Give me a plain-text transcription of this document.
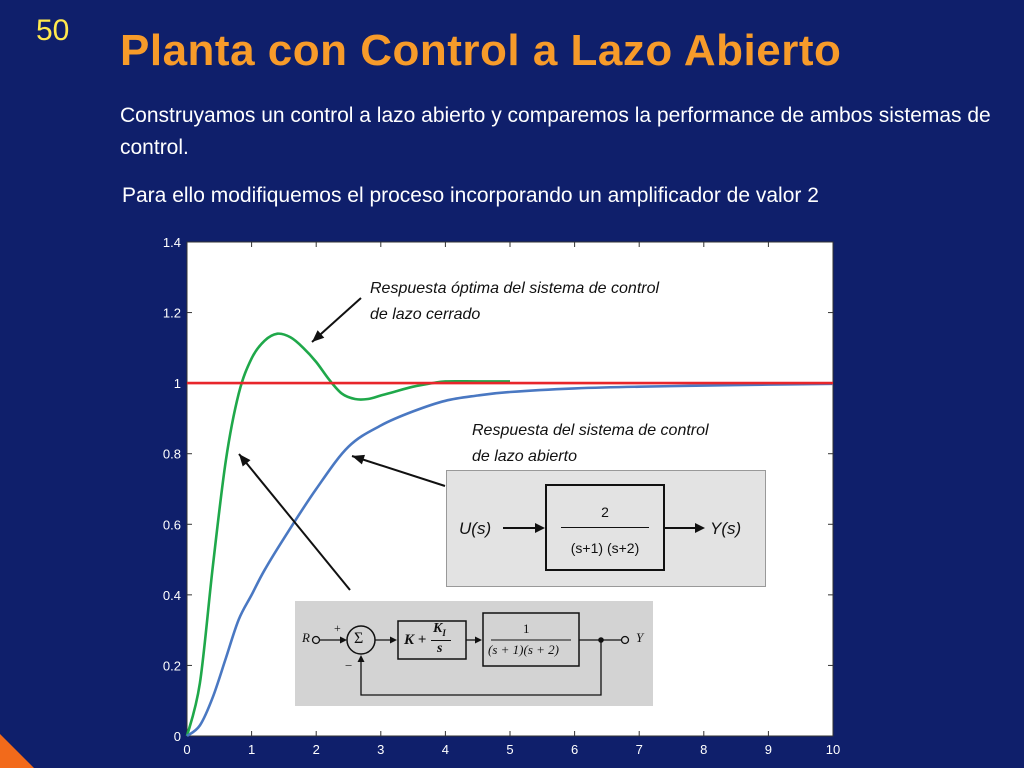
50 Planta con Control a Lazo Abierto

Construyamos un control a lazo abierto y comparemos la performance de ambos sistemas de control.

Para ello modifiquemos el proceso incorporando un amplificador de valor 2

0	1	2	3	4	5	6	7	8	9	10
0
0.2
0.4
0.6
0.8
1
1.2
1.4
Respuesta óptima del sistema de control
de lazo cerrado
Respuesta del sistema de control
de lazo abierto
U(s)
2
(s+1) (s+2)
Y(s)
R
+
−
Σ	K +
$K_I$
s
1
(s + 1)(s + 2)
Y
